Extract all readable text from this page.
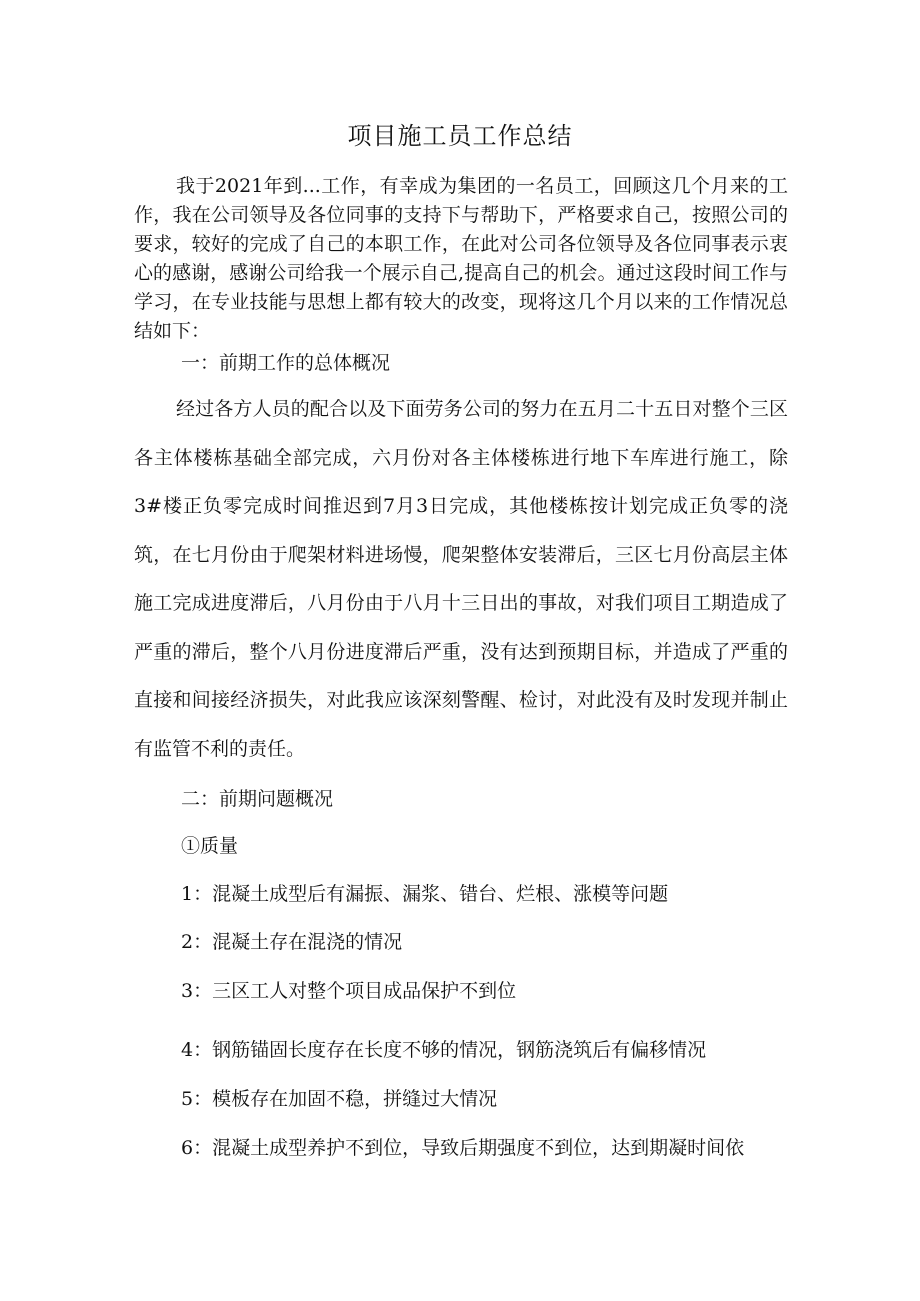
项目施工员工作总结

我于2021年到...工作，有幸成为集团的一名员工，回顾这几个月来的工作，我在公司领导及各位同事的支持下与帮助下，严格要求自己，按照公司的要求，较好的完成了自己的本职工作，在此对公司各位领导及各位同事表示衷心的感谢，感谢公司给我一个展示自己,提高自己的机会。通过这段时间工作与学习，在专业技能与思想上都有较大的改变，现将这几个月以来的工作情况总结如下：

一：前期工作的总体概况

经过各方人员的配合以及下面劳务公司的努力在五月二十五日对整个三区各主体楼栋基础全部完成，六月份对各主体楼栋进行地下车库进行施工，除3#楼正负零完成时间推迟到7月3日完成，其他楼栋按计划完成正负零的浇筑，在七月份由于爬架材料进场慢，爬架整体安装滞后，三区七月份高层主体施工完成进度滞后，八月份由于八月十三日出的事故，对我们项目工期造成了严重的滞后，整个八月份进度滞后严重，没有达到预期目标，并造成了严重的直接和间接经济损失，对此我应该深刻警醒、检讨，对此没有及时发现并制止有监管不利的责任。

二：前期问题概况

①质量

1：混凝土成型后有漏振、漏浆、错台、烂根、涨模等问题

2：混凝土存在混浇的情况

3：三区工人对整个项目成品保护不到位

4：钢筋锚固长度存在长度不够的情况，钢筋浇筑后有偏移情况

5：模板存在加固不稳，拼缝过大情况

6：混凝土成型养护不到位，导致后期强度不到位，达到期凝时间依
